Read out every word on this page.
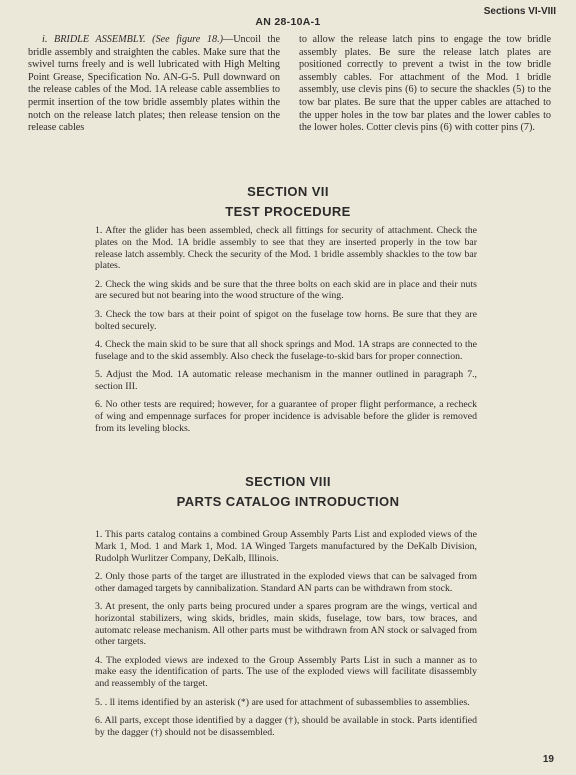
Sections VI-VIII
AN 28-10A-1

i. BRIDLE ASSEMBLY. (See figure 18.)—Uncoil the bridle assembly and straighten the cables. Make sure that the swivel turns freely and is well lubricated with High Melting Point Grease, Specification No. AN-G-5. Pull downward on the release cables of the Mod. 1A release cable assemblies to permit insertion of the tow bridle assembly plates within the notch on the release latch plates; then release tension on the release cables

to allow the release latch pins to engage the tow bridle assembly plates. Be sure the release latch plates are positioned correctly to prevent a twist in the tow bridle assembly cables. For attachment of the Mod. 1 bridle assembly, use clevis pins (6) to secure the shackles (5) to the tow bar plates. Be sure that the upper cables are attached to the upper holes in the tow bar plates and the lower cables to the lower holes. Cotter clevis pins (6) with cotter pins (7).

SECTION VII
TEST PROCEDURE

1. After the glider has been assembled, check all fittings for security of attachment. Check the plates on the Mod. 1A bridle assembly to see that they are inserted properly in the tow bar release latch assembly. Check the security of the Mod. 1 bridle assembly shackles to the tow bar plates.

2. Check the wing skids and be sure that the three bolts on each skid are in place and their nuts are secured but not bearing into the wood structure of the wing.

3. Check the tow bars at their point of spigot on the fuselage tow horns. Be sure that they are bolted securely.

4. Check the main skid to be sure that all shock springs and Mod. 1A straps are connected to the fuselage and to the skid assembly. Also check the fuselage-to-skid bars for proper connection.

5. Adjust the Mod. 1A automatic release mechanism in the manner outlined in paragraph 7., section III.

6. No other tests are required; however, for a guarantee of proper flight performance, a recheck of wing and empennage surfaces for proper incidence is advisable before the glider is removed from its leveling blocks.

SECTION VIII
PARTS CATALOG INTRODUCTION

1. This parts catalog contains a combined Group Assembly Parts List and exploded views of the Mark 1, Mod. 1 and Mark 1, Mod. 1A Winged Targets manufactured by the DeKalb Division, Rudolph Wurlitzer Company, DeKalb, Illinois.

2. Only those parts of the target are illustrated in the exploded views that can be salvaged from other damaged targets by cannibalization. Standard AN parts can be withdrawn from stock.

3. At present, the only parts being procured under a spares program are the wings, vertical and horizontal stabilizers, wing skids, bridles, main skids, fuselage, tow bars, tow braces, and automatc release mechanism. All other parts must be withdrawn from AN stock or salvaged from other targets.

4. The exploded views are indexed to the Group Assembly Parts List in such a manner as to make easy the identification of parts. The use of the exploded views will facilitate disassembly and reassembly of the target.

5. . ll items identified by an asterisk (*) are used for attachment of subassemblies to assemblies.

6. All parts, except those identified by a dagger (†), should be available in stock. Parts identified by the dagger (†) should not be disassembled.

19
